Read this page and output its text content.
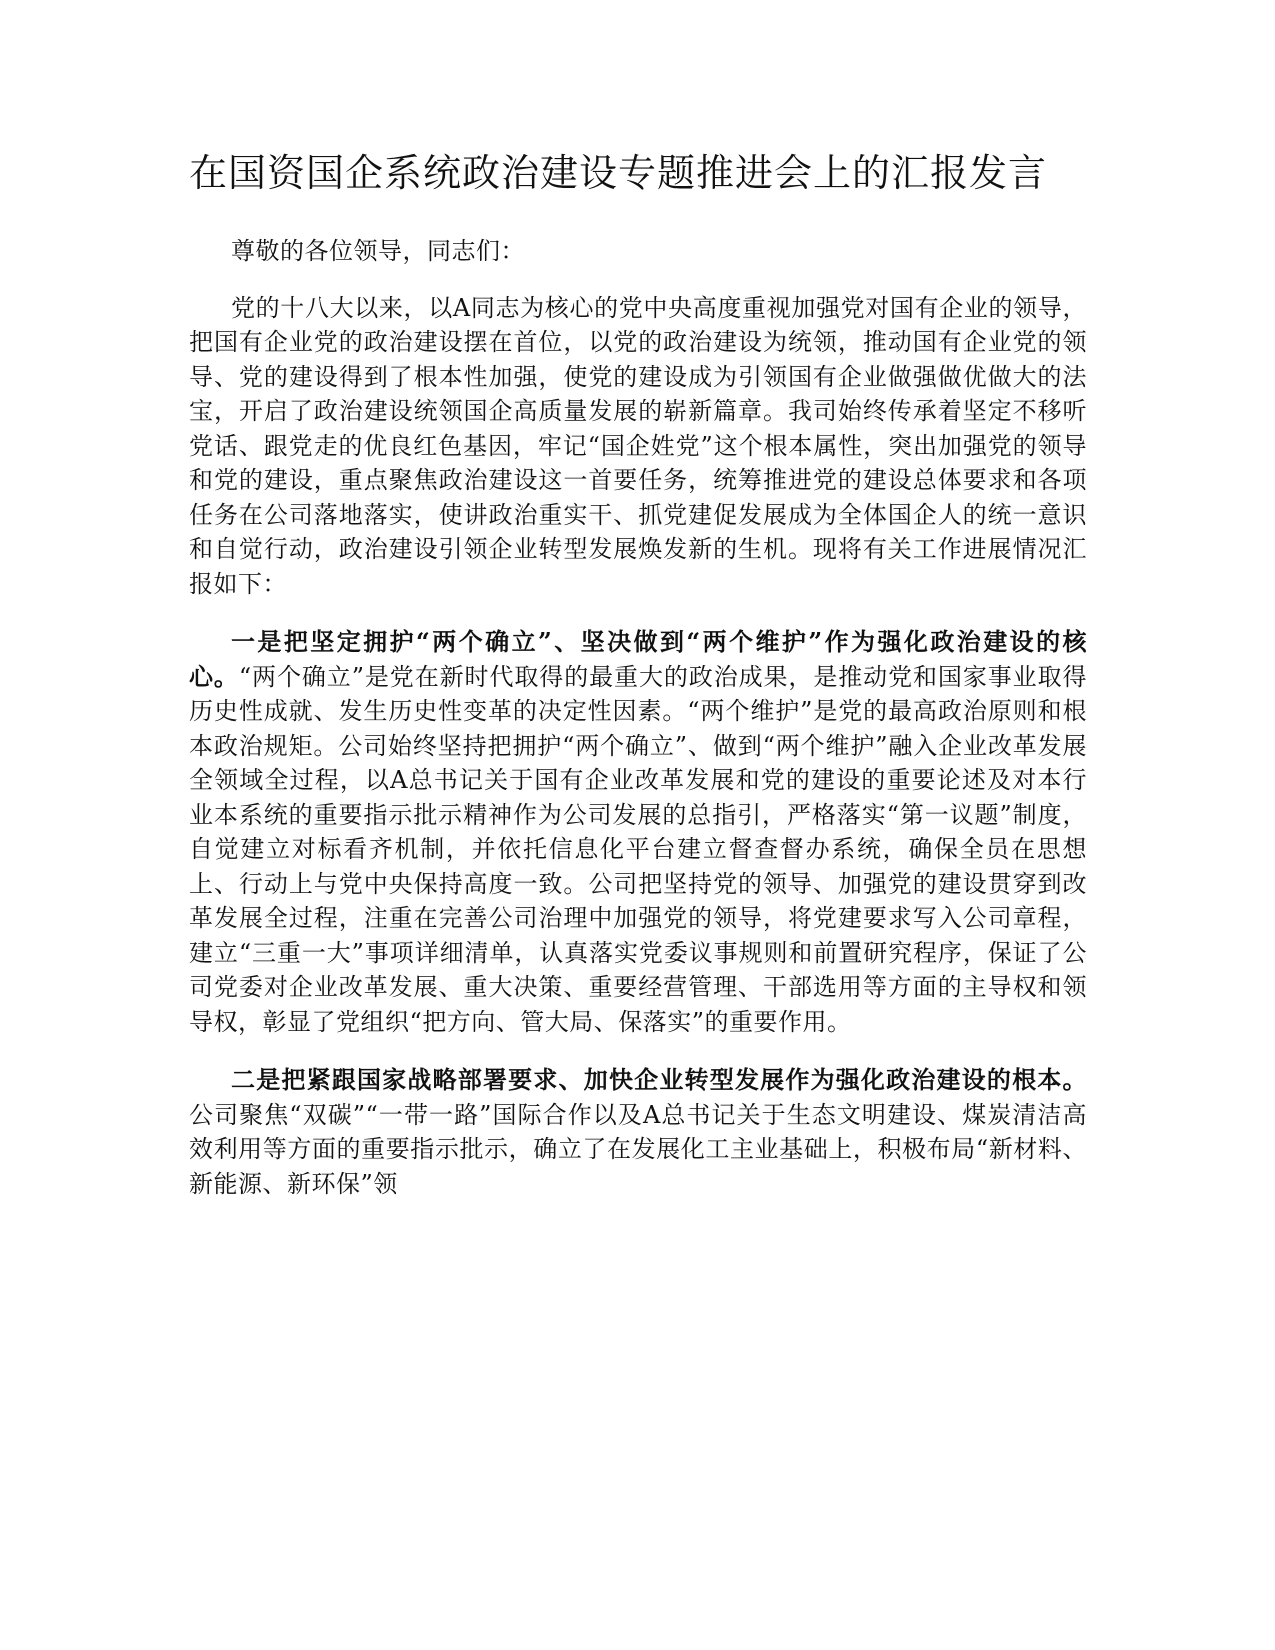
在国资国企系统政治建设专题推进会上的汇报发言

尊敬的各位领导，同志们：

党的十八大以来，以A同志为核心的党中央高度重视加强党对国有企业的领导，把国有企业党的政治建设摆在首位，以党的政治建设为统领，推动国有企业党的领导、党的建设得到了根本性加强，使党的建设成为引领国有企业做强做优做大的法宝，开启了政治建设统领国企高质量发展的崭新篇章。我司始终传承着坚定不移听党话、跟党走的优良红色基因，牢记“国企姓党”这个根本属性，突出加强党的领导和党的建设，重点聚焦政治建设这一首要任务，统筹推进党的建设总体要求和各项任务在公司落地落实，使讲政治重实干、抓党建促发展成为全体国企人的统一意识和自觉行动，政治建设引领企业转型发展焕发新的生机。现将有关工作进展情况汇报如下：

一是把坚定拥护“两个确立”、坚决做到“两个维护”作为强化政治建设的核心。“两个确立”是党在新时代取得的最重大的政治成果，是推动党和国家事业取得历史性成就、发生历史性变革的决定性因素。“两个维护”是党的最高政治原则和根本政治规矩。公司始终坚持把拥护“两个确立”、做到“两个维护”融入企业改革发展全领域全过程，以A总书记关于国有企业改革发展和党的建设的重要论述及对本行业本系统的重要指示批示精神作为公司发展的总指引，严格落实“第一议题”制度，自觉建立对标看齐机制，并依托信息化平台建立督查督办系统，确保全员在思想上、行动上与党中央保持高度一致。公司把坚持党的领导、加强党的建设贯穿到改革发展全过程，注重在完善公司治理中加强党的领导，将党建要求写入公司章程，建立“三重一大”事项详细清单，认真落实党委议事规则和前置研究程序，保证了公司党委对企业改革发展、重大决策、重要经营管理、干部选用等方面的主导权和领导权，彰显了党组织“把方向、管大局、保落实”的重要作用。

二是把紧跟国家战略部署要求、加快企业转型发展作为强化政治建设的根本。公司聚焦“双碳”“一带一路”国际合作以及A总书记关于生态文明建设、煤炭清洁高效利用等方面的重要指示批示，确立了在发展化工主业基础上，积极布局“新材料、新能源、新环保”领
